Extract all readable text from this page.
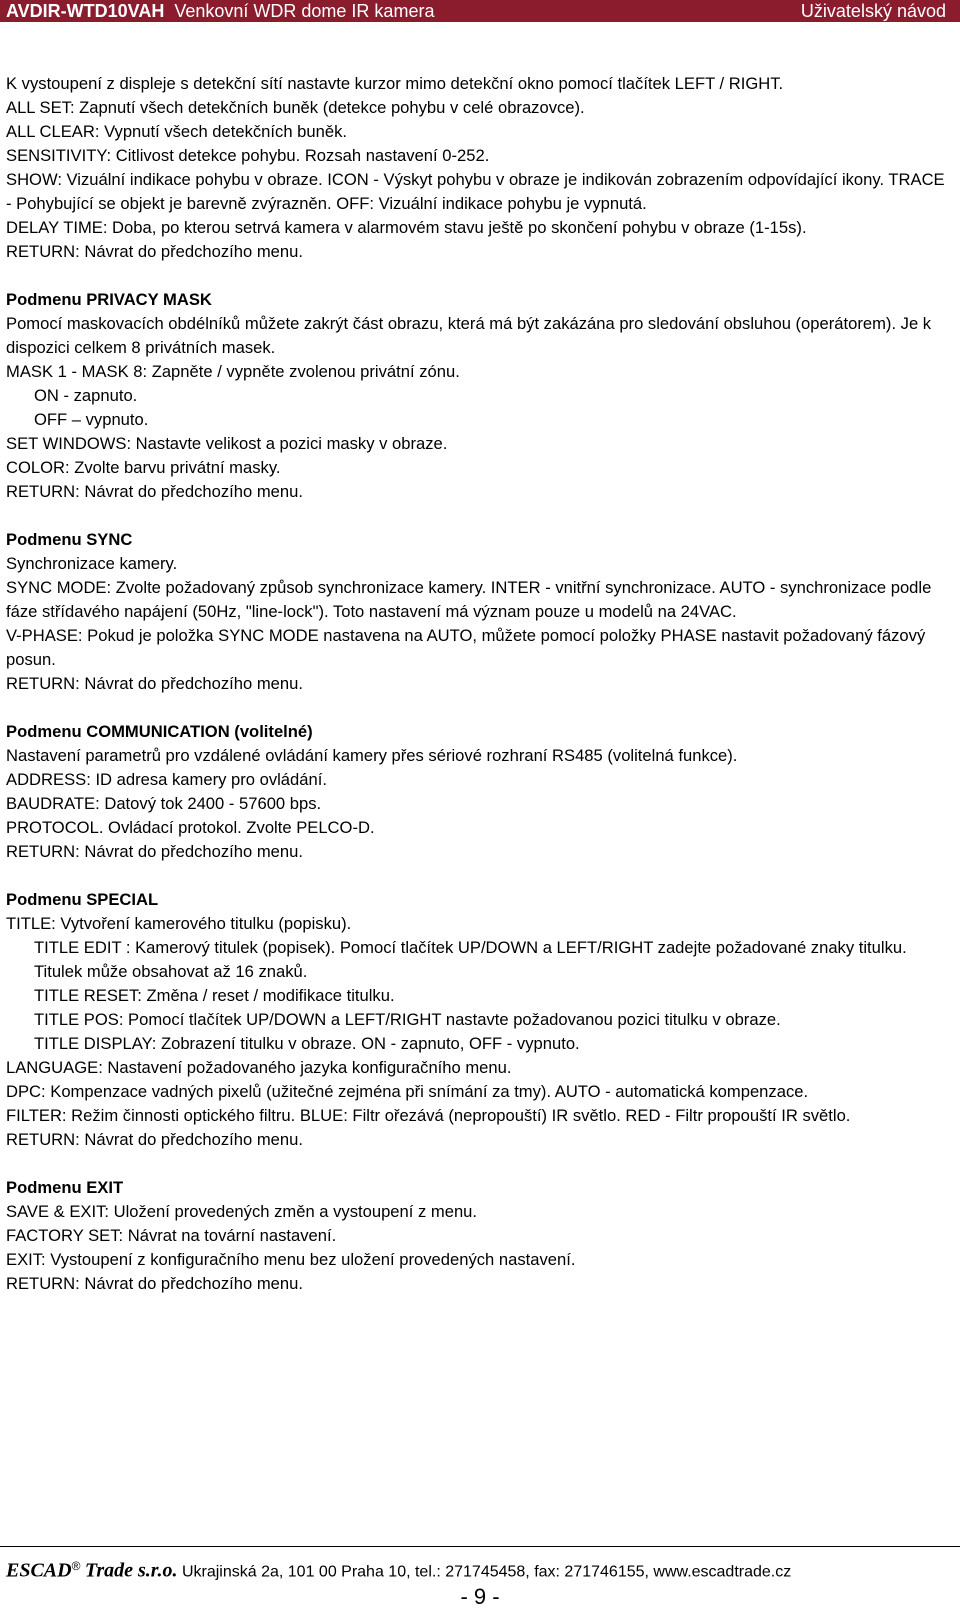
AVDIR-WTD10VAH Venkovní WDR dome IR kamera	Uživatelský návod

K vystoupení z displeje s detekční sítí nastavte kurzor mimo detekční okno pomocí tlačítek LEFT / RIGHT.

ALL SET: Zapnutí všech detekčních buněk (detekce pohybu v celé obrazovce).

ALL CLEAR: Vypnutí všech detekčních buněk.

SENSITIVITY: Citlivost detekce pohybu. Rozsah nastavení 0-252.

SHOW: Vizuální indikace pohybu v obraze. ICON - Výskyt pohybu v obraze je indikován zobrazením odpovídající ikony. TRACE - Pohybující se objekt je barevně zvýrazněn. OFF: Vizuální indikace pohybu je vypnutá.

DELAY TIME: Doba, po kterou setrvá kamera v alarmovém stavu ještě po skončení pohybu v obraze (1-15s).

RETURN: Návrat do předchozího menu.

Podmenu PRIVACY MASK

Pomocí maskovacích obdélníků můžete zakrýt část obrazu, která má být zakázána pro sledování obsluhou (operátorem). Je k dispozici celkem 8 privátních masek.

MASK 1 - MASK 8: Zapněte / vypněte zvolenou privátní zónu.

ON - zapnuto.

OFF – vypnuto.

SET WINDOWS: Nastavte velikost a pozici masky v obraze.

COLOR: Zvolte barvu privátní masky.

RETURN: Návrat do předchozího menu.

Podmenu SYNC

Synchronizace kamery.

SYNC MODE: Zvolte požadovaný způsob synchronizace kamery. INTER - vnitřní synchronizace. AUTO - synchronizace podle fáze střídavého napájení (50Hz, "line-lock"). Toto nastavení má význam pouze u modelů na 24VAC.

V-PHASE: Pokud je položka SYNC MODE nastavena na AUTO, můžete pomocí položky PHASE nastavit požadovaný fázový posun.

RETURN: Návrat do předchozího menu.

Podmenu COMMUNICATION (volitelné)

Nastavení parametrů pro vzdálené ovládání kamery přes sériové rozhraní RS485 (volitelná funkce).

ADDRESS: ID adresa kamery pro ovládání.

BAUDRATE: Datový tok 2400 - 57600 bps.

PROTOCOL. Ovládací protokol. Zvolte PELCO-D.

RETURN: Návrat do předchozího menu.

Podmenu SPECIAL

TITLE: Vytvoření kamerového titulku (popisku).

TITLE EDIT : Kamerový titulek (popisek). Pomocí tlačítek UP/DOWN a LEFT/RIGHT zadejte požadované znaky titulku. Titulek může obsahovat až 16 znaků.

TITLE RESET: Změna / reset / modifikace titulku.

TITLE POS: Pomocí tlačítek UP/DOWN a LEFT/RIGHT nastavte požadovanou pozici titulku v obraze.

TITLE DISPLAY: Zobrazení titulku v obraze. ON - zapnuto, OFF - vypnuto.

LANGUAGE: Nastavení požadovaného jazyka konfiguračního menu.

DPC: Kompenzace vadných pixelů (užitečné zejména při snímání za tmy). AUTO - automatická kompenzace.

FILTER: Režim činnosti optického filtru. BLUE: Filtr ořezává (nepropouští) IR světlo. RED - Filtr propouští IR světlo.

RETURN: Návrat do předchozího menu.

Podmenu EXIT

SAVE & EXIT: Uložení provedených změn a vystoupení z menu.

FACTORY SET: Návrat na tovární nastavení.

EXIT: Vystoupení z konfiguračního menu bez uložení provedených nastavení.

RETURN: Návrat do předchozího menu.

ESCAD® Trade s.r.o. Ukrajinská 2a, 101 00 Praha 10, tel.: 271745458, fax: 271746155, www.escadtrade.cz
- 9 -
